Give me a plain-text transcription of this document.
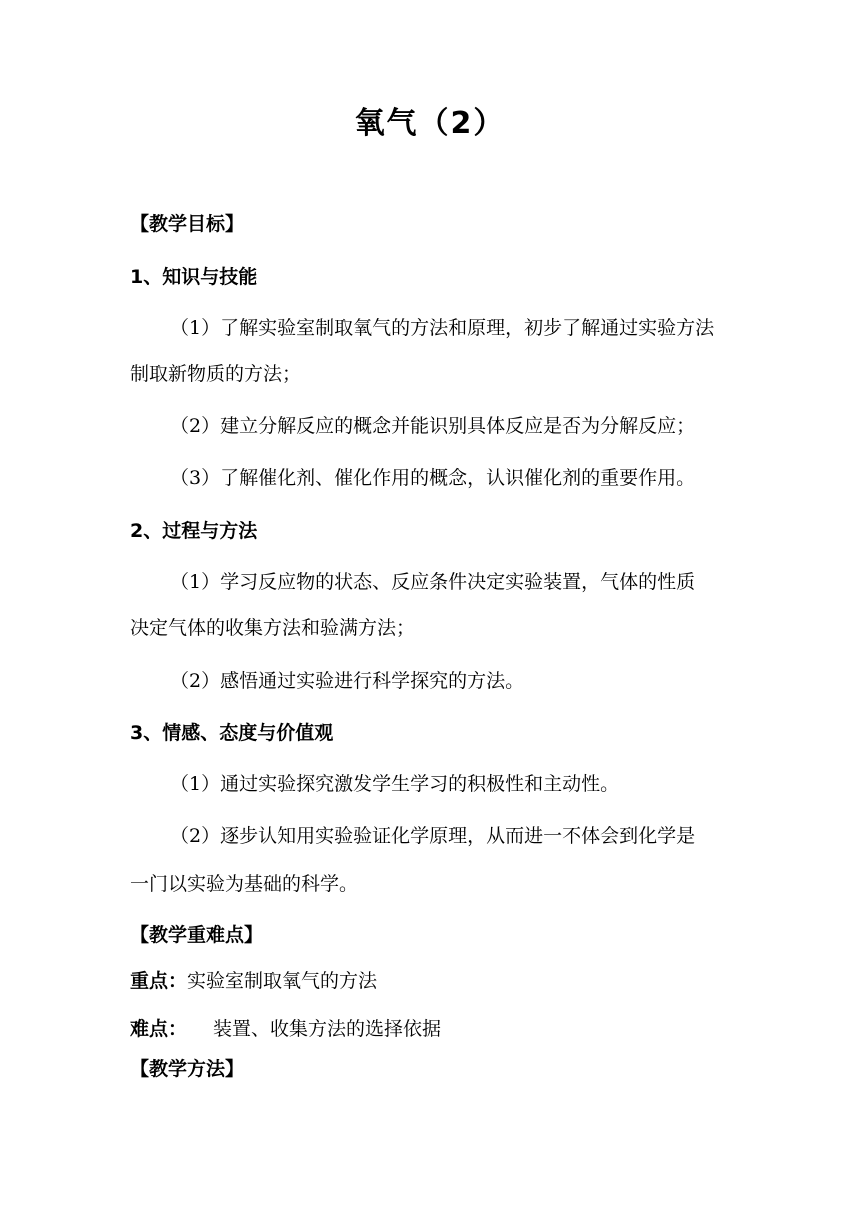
氧气（2）
【教学目标】
1、知识与技能
（1）了解实验室制取氧气的方法和原理，初步了解通过实验方法
制取新物质的方法；
（2）建立分解反应的概念并能识别具体反应是否为分解反应；
（3）了解催化剂、催化作用的概念，认识催化剂的重要作用。
2、过程与方法
（1）学习反应物的状态、反应条件决定实验装置，气体的性质
决定气体的收集方法和验满方法；
（2）感悟通过实验进行科学探究的方法。
3、情感、态度与价值观
（1）通过实验探究激发学生学习的积极性和主动性。
（2）逐步认知用实验验证化学原理，从而进一不体会到化学是
一门以实验为基础的科学。
【教学重难点】
重点：实验室制取氧气的方法
难点： 装置、收集方法的选择依据
【教学方法】
